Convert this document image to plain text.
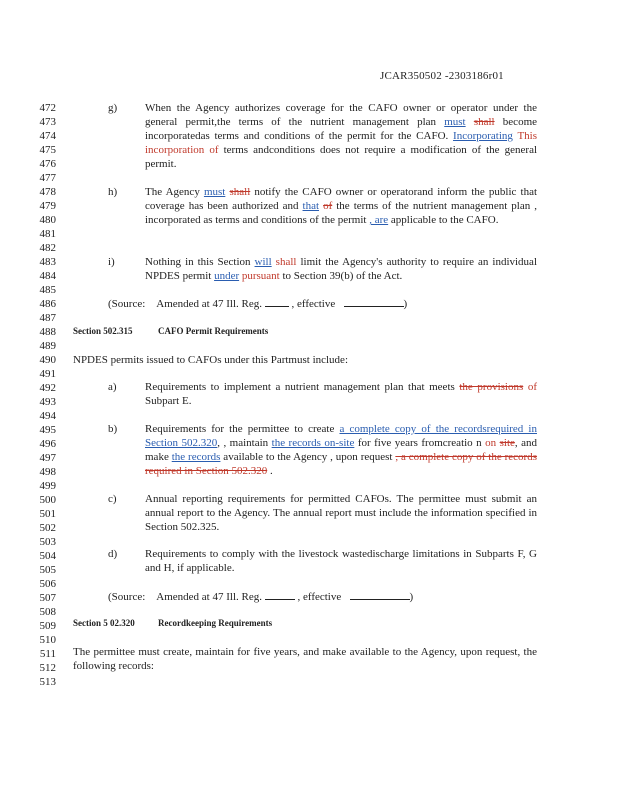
JCAR350502 -2303186r01
472
473
474
475
476
477
478
479
480
481
482
483
484
485
486
487
488
489
490
491
492
493
494
495
496
497
498
499
500
501
502
503
504
505
506
507
508
509
510
511
512
513
g)	When the Agency authorizes coverage for the CAFO owner or operator under the general permit,the terms of the nutrient management plan must shall become incorporatedas terms and conditions of the permit for the CAFO. Incorporating This incorporation of terms andconditions does not require a modification of the general permit.
h)	The Agency must shall notify the CAFO owner or operatorand inform the public that coverage has been authorized and that of the terms of the nutrient management plan , incorporated as terms and conditions of the permit , are applicable to the CAFO.
i)	Nothing in this Section will shall limit the Agency's authority to require an individual NPDES permit under pursuant to Section 39(b) of the Act.
(Source: Amended at 47 Ill. Reg.	, effective	)
Section 502.315	CAFO Permit Requirements
NPDES permits issued to CAFOs under this Partmust include:
a)	Requirements to implement a nutrient management plan that meets the provisions of Subpart E.
b)	Requirements for the permittee to create a complete copy of the recordsrequired in Section 502.320, , maintain the records on-site for five years fromcreatio n on site, and make the records available to the Agency , upon request , a complete copy of the records required in Section 502.320 .
c)	Annual reporting requirements for permitted CAFOs. The permittee must submit an annual report to the Agency. The annual report must include the information specified in Section 502.325.
d)	Requirements to comply with the livestock wastedischarge limitations in Subparts F, G and H, if applicable.
(Source: Amended at 47 Ill. Reg.	, effective	)
Section 5 02.320	Recordkeeping Requirements
The permittee must create, maintain for five years, and make available to the Agency, upon request, the following records:
